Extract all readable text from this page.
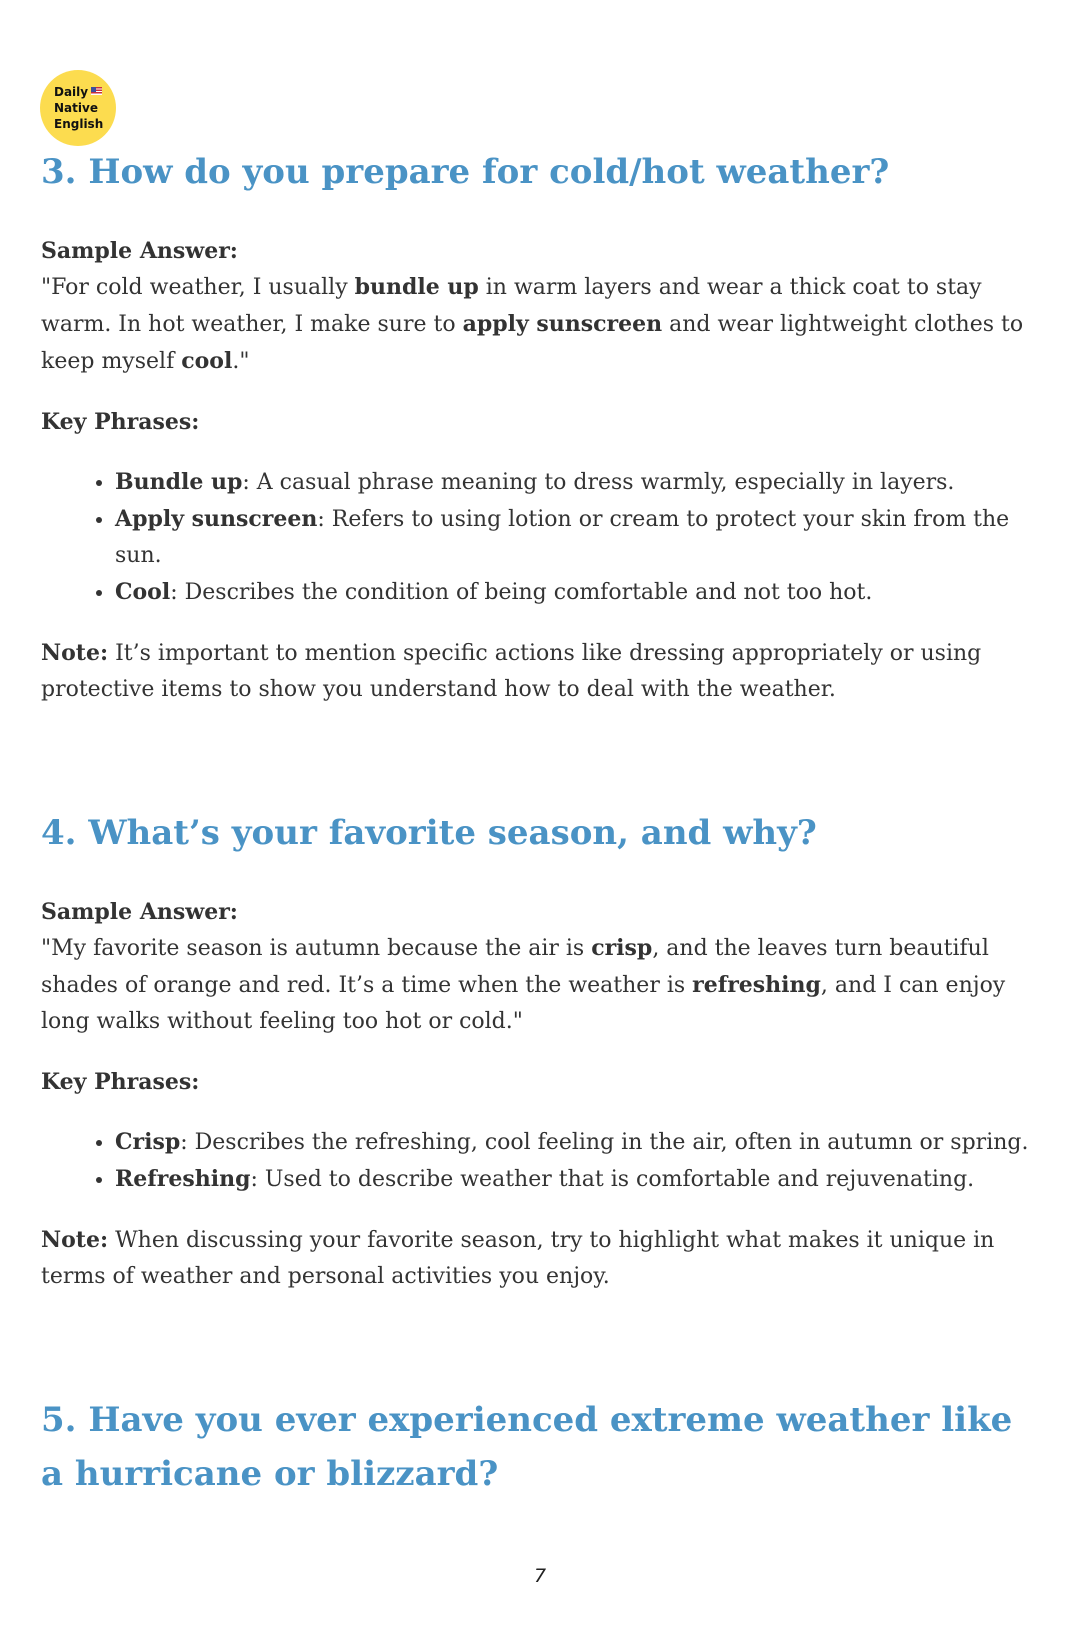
Daily
Native
English
3. How do you prepare for cold/hot weather?

Sample Answer:

"For cold weather, I usually bundle up in warm layers and wear a thick coat to stay warm. In hot weather, I make sure to apply sunscreen and wear lightweight clothes to keep myself cool."

Key Phrases:

• Bundle up: A casual phrase meaning to dress warmly, especially in layers.
• Apply sunscreen: Refers to using lotion or cream to protect your skin from the sun.
• Cool: Describes the condition of being comfortable and not too hot.

Note: It’s important to mention specific actions like dressing appropriately or using protective items to show you understand how to deal with the weather.

4. What’s your favorite season, and why?

Sample Answer:

"My favorite season is autumn because the air is crisp, and the leaves turn beautiful shades of orange and red. It’s a time when the weather is refreshing, and I can enjoy long walks without feeling too hot or cold."

Key Phrases:

• Crisp: Describes the refreshing, cool feeling in the air, often in autumn or spring.
• Refreshing: Used to describe weather that is comfortable and rejuvenating.

Note: When discussing your favorite season, try to highlight what makes it unique in terms of weather and personal activities you enjoy.

5. Have you ever experienced extreme weather like a hurricane or blizzard?
7
